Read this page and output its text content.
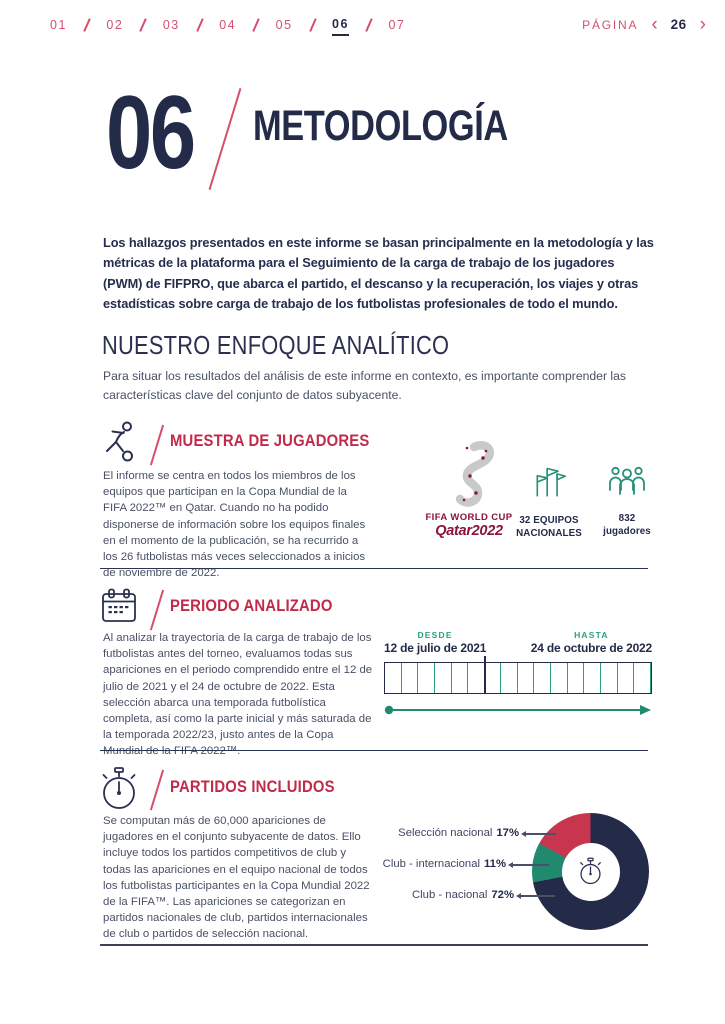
01	02	03	04	05	06	07	PÁGINA ‹ 26 ›
06 METODOLOGÍA
Los hallazgos presentados en este informe se basan principalmente en la metodología y las métricas de la plataforma para el Seguimiento de la carga de trabajo de los jugadores (PWM) de FIFPRO, que abarca el partido, el descanso y la recuperación, los viajes y otras estadísticas sobre carga de trabajo de los futbolistas profesionales de todo el mundo.
NUESTRO ENFOQUE ANALÍTICO
Para situar los resultados del análisis de este informe en contexto, es importante comprender las características clave del conjunto de datos subyacente.
MUESTRA DE JUGADORES
El informe se centra en todos los miembros de los equipos que participan en la Copa Mundial de la FIFA 2022™ en Qatar. Cuando no ha podido disponerse de información sobre los equipos finales en el momento de la publicación, se ha recurrido a los 26 futbolistas más veces seleccionados a inicios de noviembre de 2022.
FIFA WORLD CUP
Qatar2022
32 EQUIPOS
NACIONALES
832
jugadores
PERIODO ANALIZADO
Al analizar la trayectoria de la carga de trabajo de los futbolistas antes del torneo, evaluamos todas sus apariciones en el periodo comprendido entre el 12 de julio de 2021 y el 24 de octubre de 2022. Esta selección abarca una temporada futbolística completa, así como la parte inicial y más saturada de la temporada 2022/23, justo antes de la Copa Mundial de la FIFA 2022™.
DESDE
12 de julio de 2021
HASTA
24 de octubre de 2022
PARTIDOS INCLUIDOS
Se computan más de 60,000 apariciones de jugadores en el conjunto subyacente de datos. Ello incluye todos los partidos competitivos de club y todas las apariciones en el equipo nacional de todos los futbolistas participantes en la Copa Mundial 2022 de la FIFA™. Las apariciones se categorizan en partidos nacionales de club, partidos internacionales de club o partidos de selección nacional.
Selección nacional 17%
Club - internacional 11%
Club - nacional 72%
